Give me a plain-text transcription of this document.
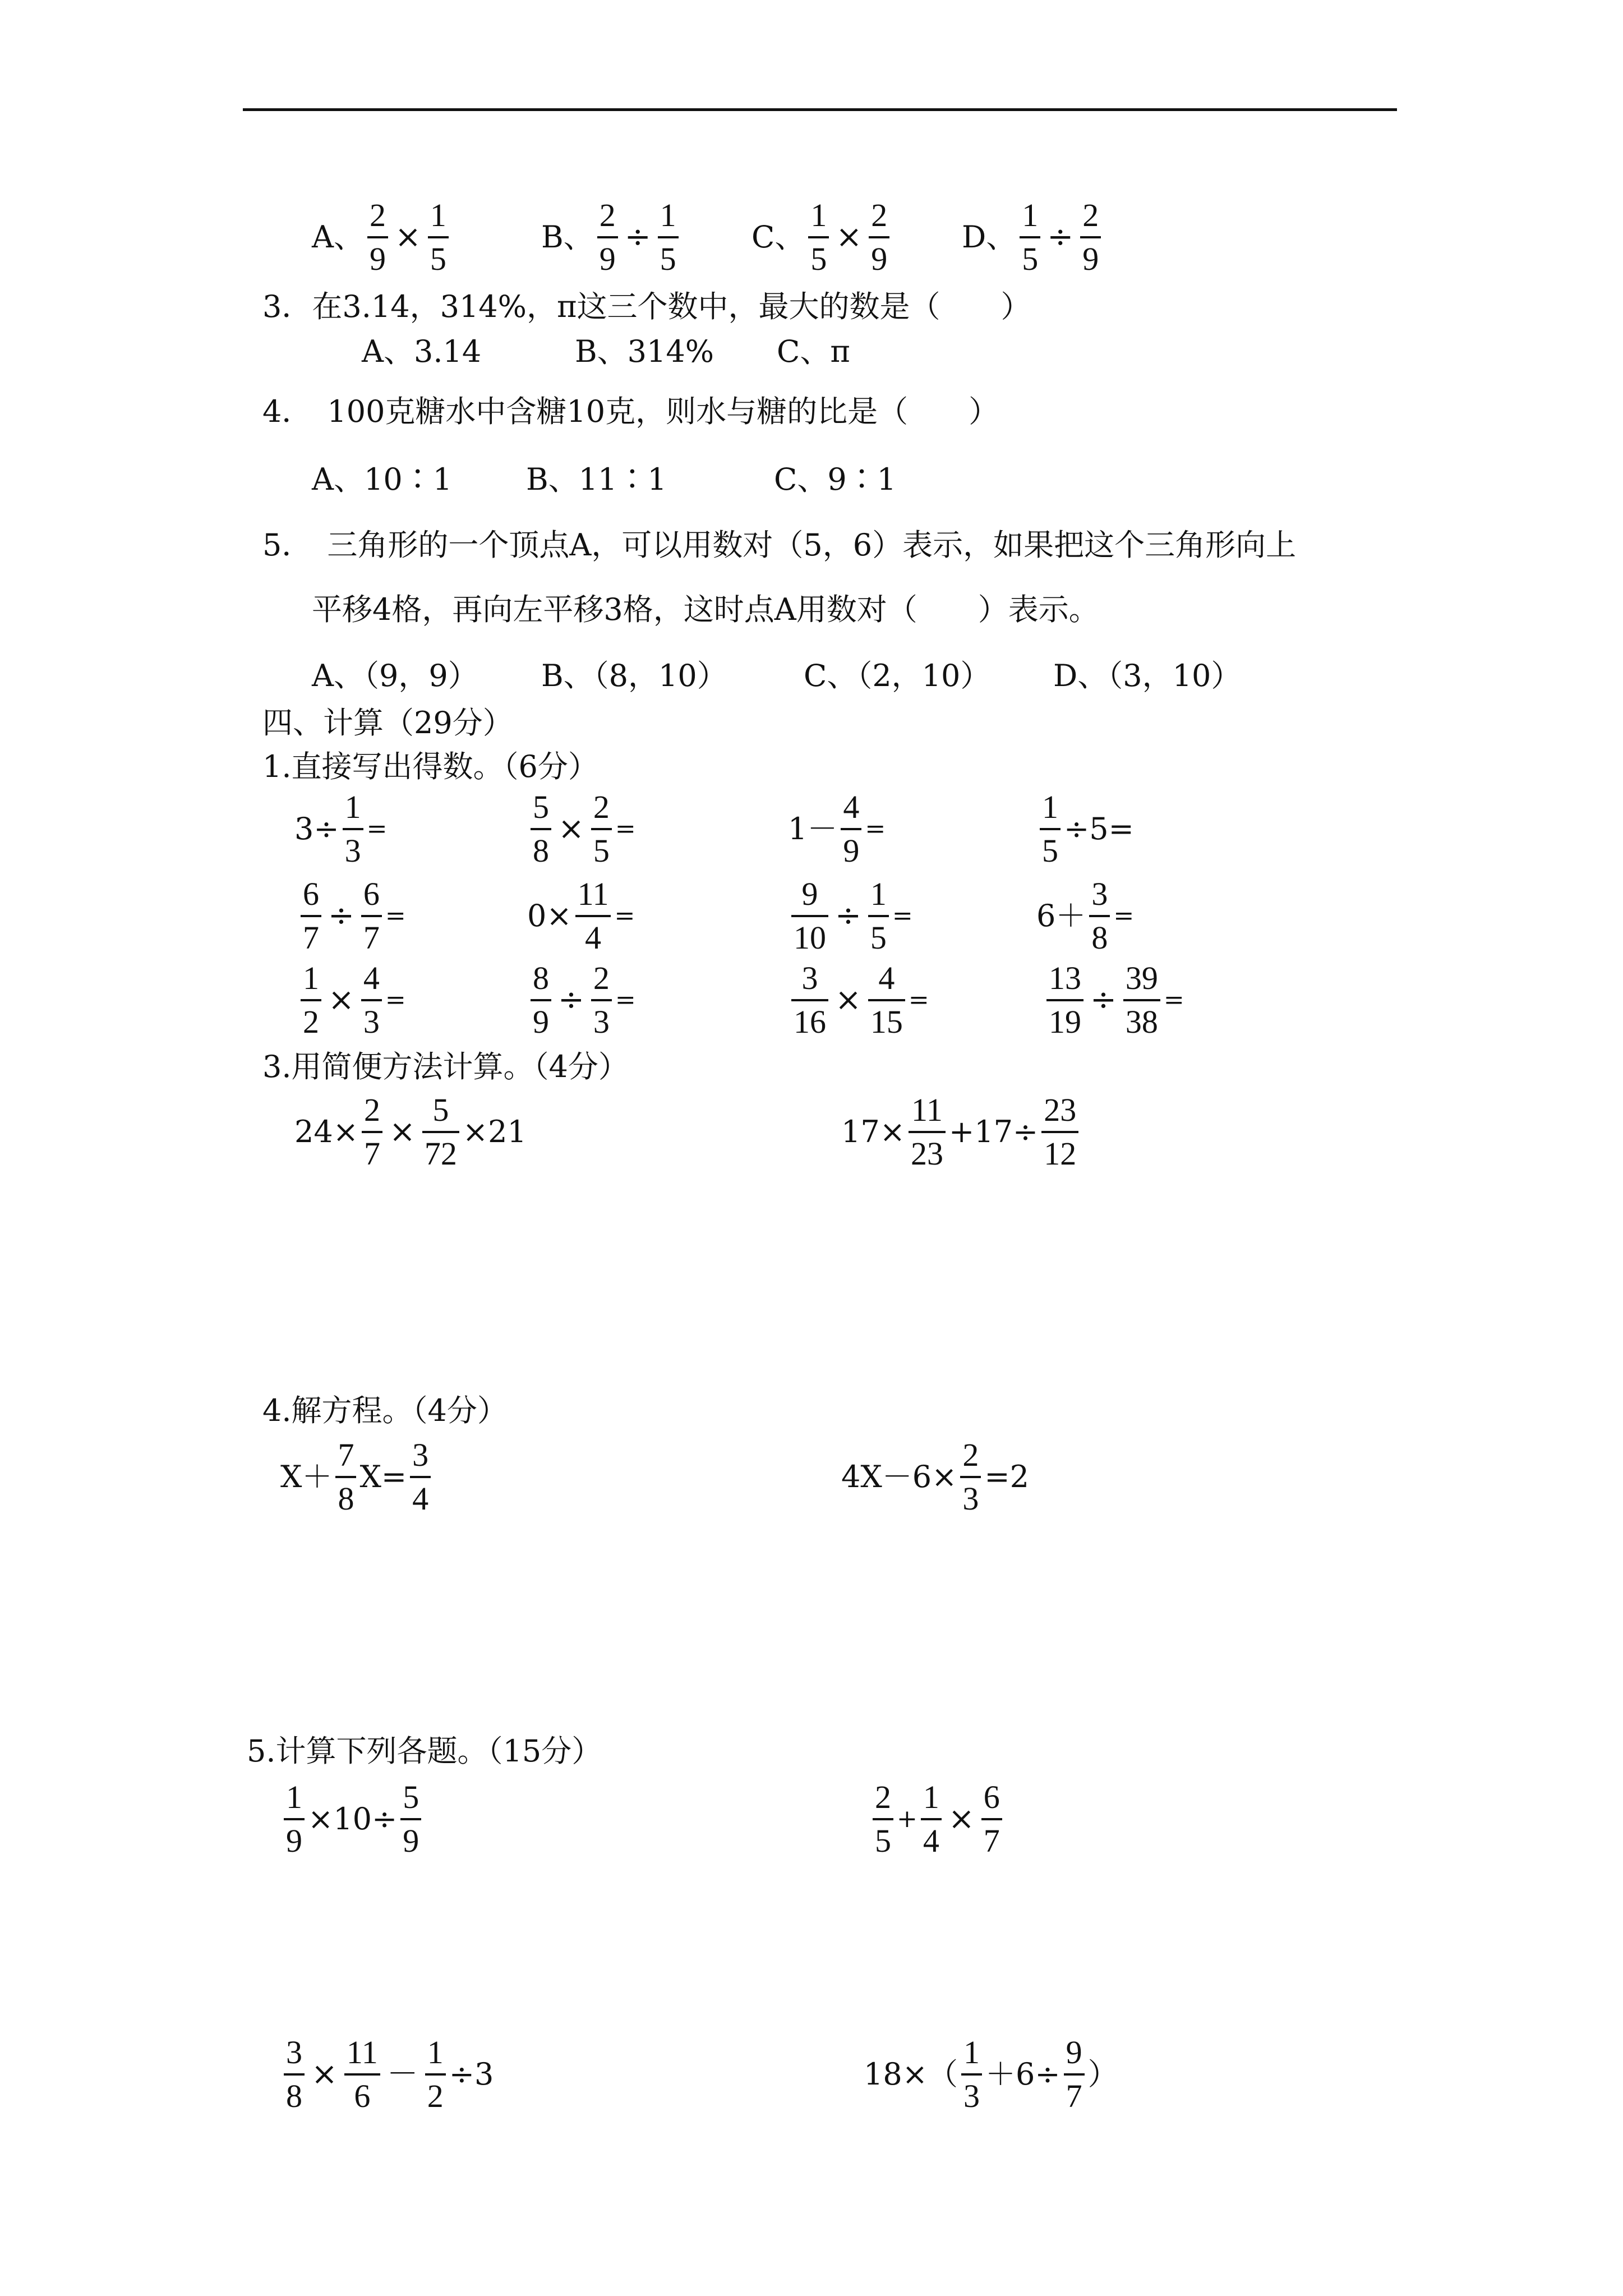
A、 $\frac{2}{9} \times \frac{1}{5}$	B、 $\frac{2}{9} \div \frac{1}{5}$ C、 $\frac{1}{5} \times \frac{2}{9}$ D、 $\frac{1}{5} \div \frac{2}{9}$
3．在3.14，314%，π这三个数中，最大的数是（　　）
A、3.14	B、314% C、π
4．　100克糖水中含糖10克，则水与糖的比是（　　）
A、10∶1 B、11∶1	C、9∶1
5．　三角形的一个顶点A，可以用数对（5，6）表示，如果把这个三角形向上
平移4格，再向左平移3格，这时点A用数对（　　）表示。
A、（9，9） B、（8，10）	C、（2，10） D、（3，10）
四、计算（29分）
1.直接写出得数。（6分）
$3\div \frac{1}{3}$ =	$\frac{5}{8} \times \frac{2}{5}$ =	$1- \frac{4}{9}$ =	$\frac{1}{5} \div 5=$
$\frac{6}{7} \div \frac{6}{7}$ =	$0\times \frac{11}{4}$ =	$\frac{9}{10} \div \frac{1}{5}$ =	$6+ \frac{3}{8}$ =
$\frac{1}{2} \times \frac{4}{3}$ =	$\frac{8}{9} \div \frac{2}{3}$ =	$\frac{3}{16} \times \frac{4}{15}$ =	$\frac{13}{19} \div \frac{39}{38}$ =
3.用简便方法计算。（4分）
$24\times \frac{2}{7} \times \frac{5}{72} \times 21$	$17\times \frac{11}{23} +17\div \frac{23}{12}$
4.解方程。（4分）
$X+ \frac{7}{8} X= \frac{3}{4}$	$4X-6\times \frac{2}{3} =2$
5.计算下列各题。（15分）
$\frac{1}{9} \times 10\div \frac{5}{9}$	$\frac{2}{5} + \frac{1}{4} \times \frac{6}{7}$
$\frac{3}{8} \times \frac{11}{6} - \frac{1}{2} \div 3$	$18\times( \frac{1}{3} +6\div \frac{9}{7}$ ）
